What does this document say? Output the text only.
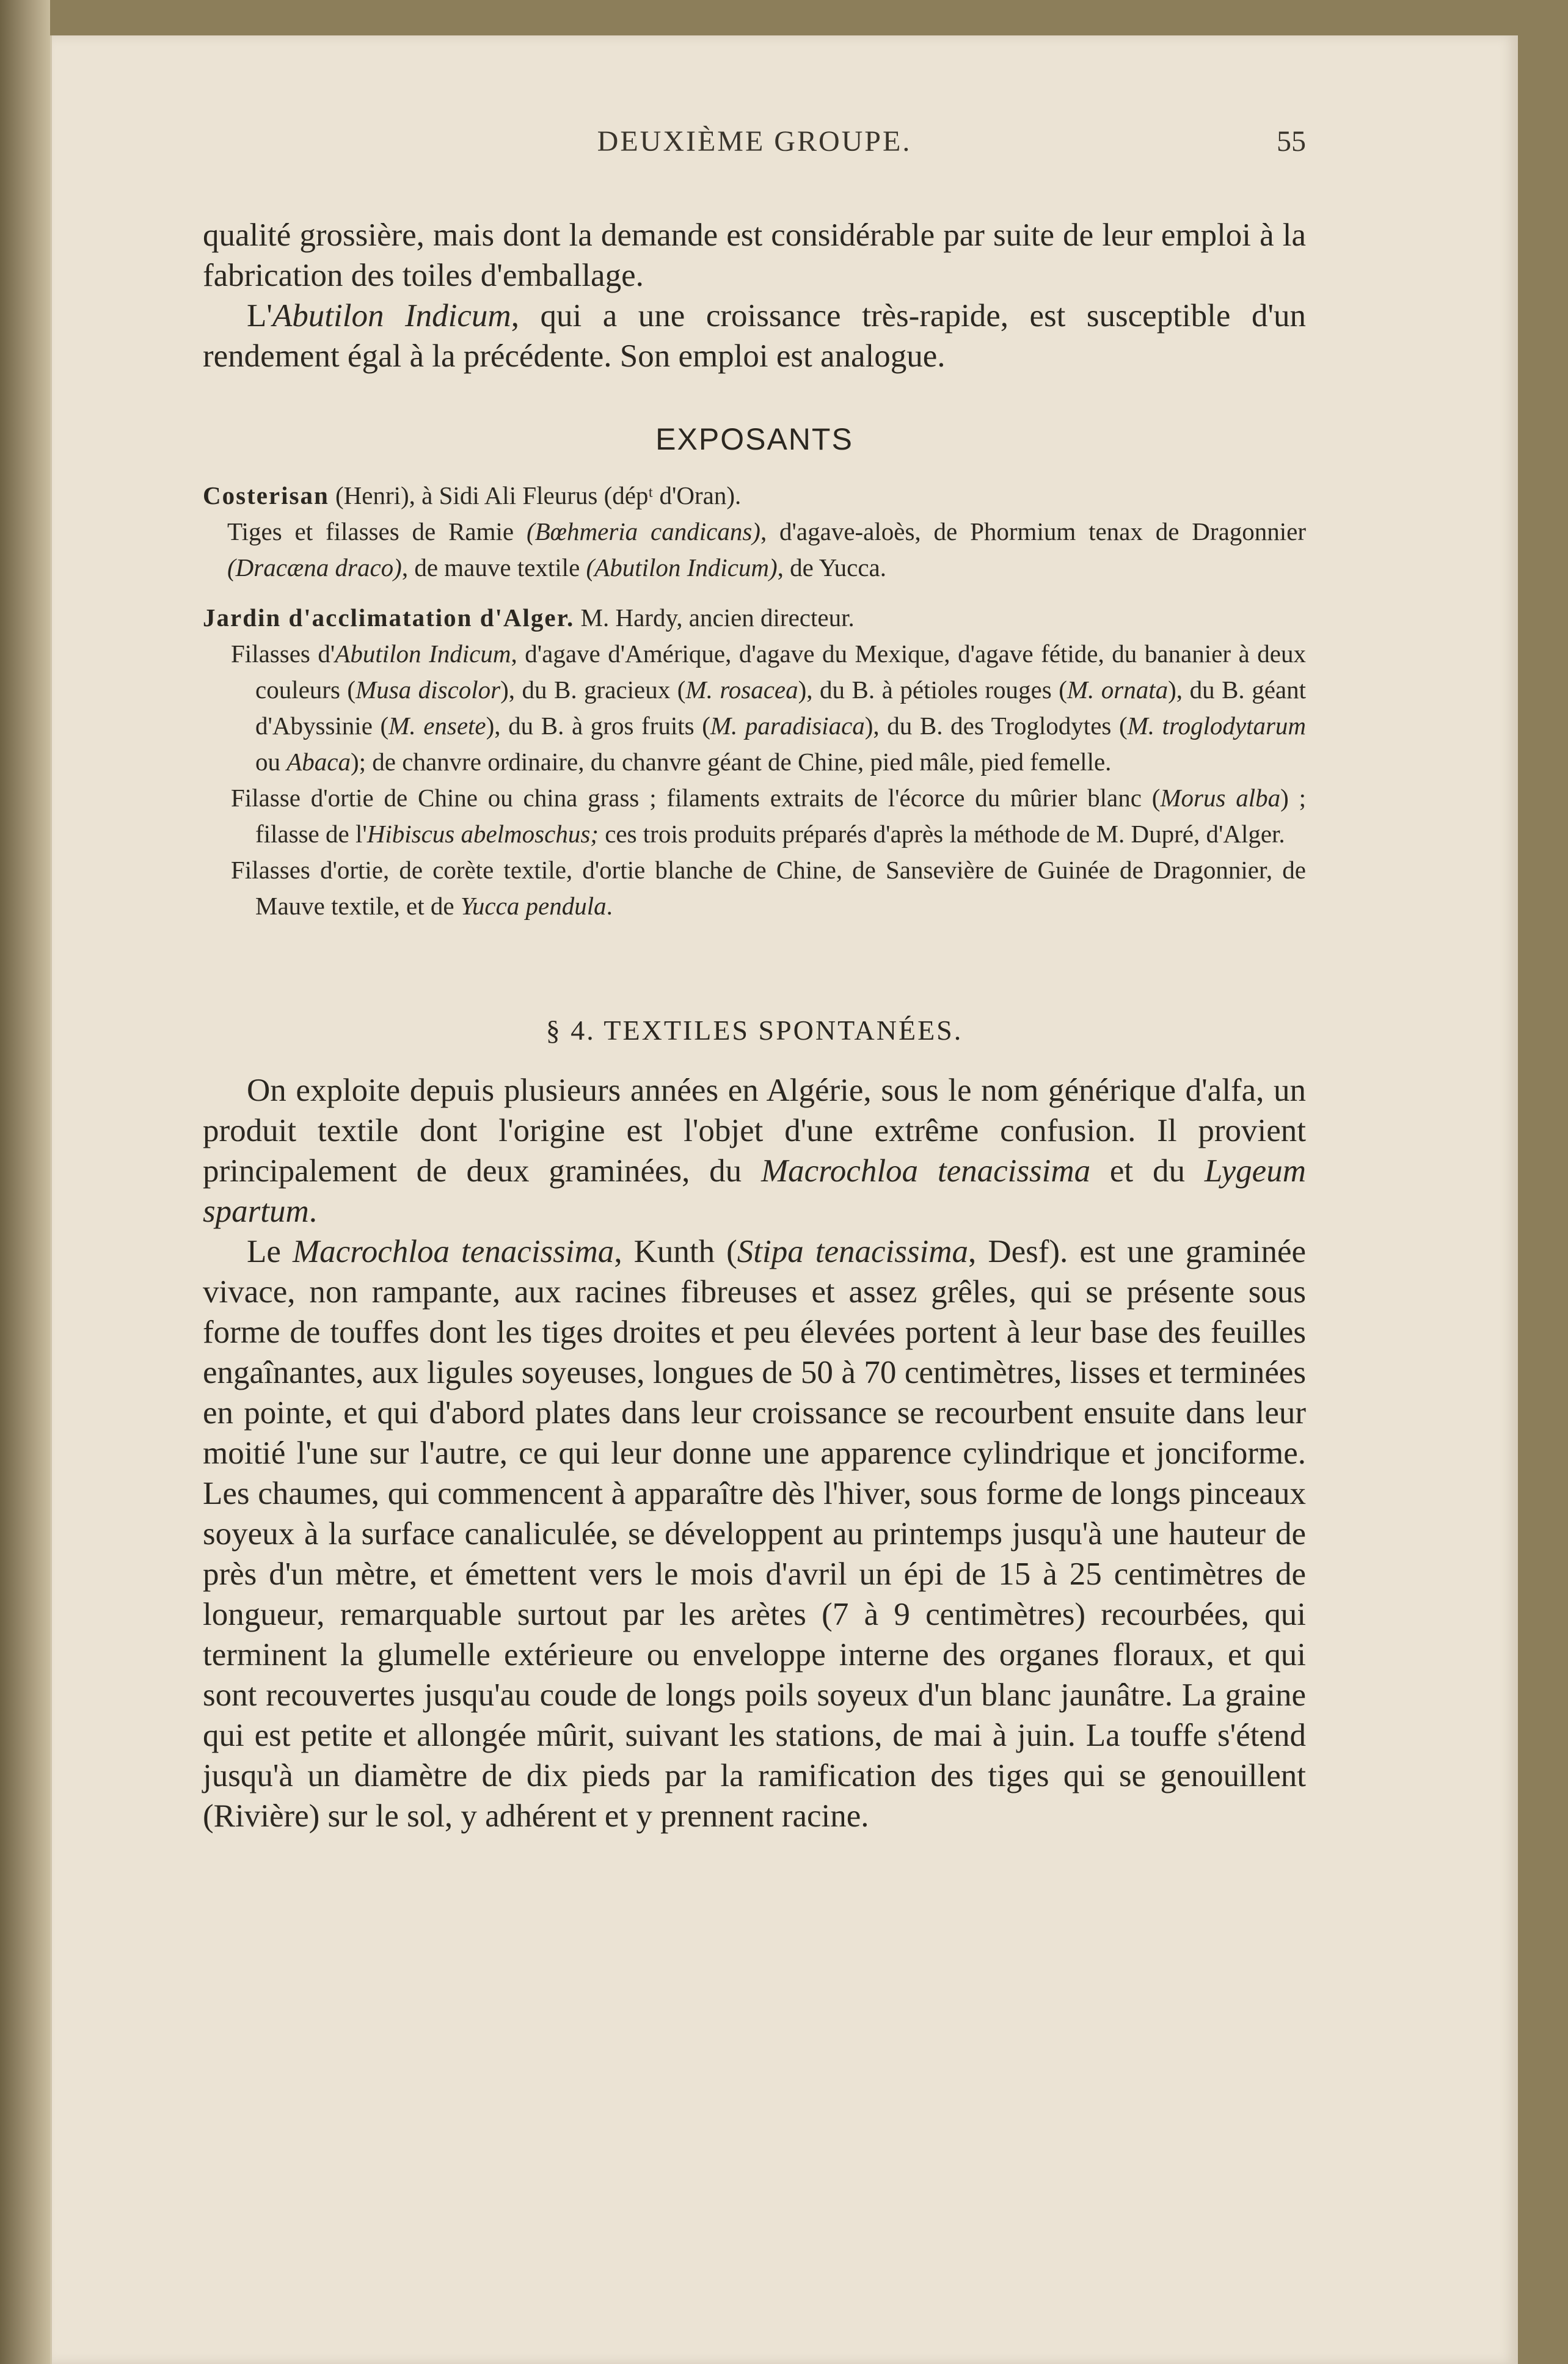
DEUXIÈME GROUPE.	55

qualité grossière, mais dont la demande est considérable par suite de leur emploi à la fabrication des toiles d'emballage.

L'Abutilon Indicum, qui a une croissance très-rapide, est susceptible d'un rendement égal à la précédente. Son emploi est analogue.

EXPOSANTS

Costerisan (Henri), à Sidi Ali Fleurus (dépᵗ d'Oran).

Tiges et filasses de Ramie (Bœhmeria candicans), d'agave-aloès, de Phormium tenax de Dragonnier (Dracæna draco), de mauve textile (Abutilon Indicum), de Yucca.

Jardin d'acclimatation d'Alger. M. Hardy, ancien directeur.

Filasses d'Abutilon Indicum, d'agave d'Amérique, d'agave du Mexique, d'agave fétide, du bananier à deux couleurs (Musa discolor), du B. gracieux (M. rosacea), du B. à pétioles rouges (M. ornata), du B. géant d'Abyssinie (M. ensete), du B. à gros fruits (M. paradisiaca), du B. des Troglodytes (M. troglodytarum ou Abaca); de chanvre ordinaire, du chanvre géant de Chine, pied mâle, pied femelle.

Filasse d'ortie de Chine ou china grass ; filaments extraits de l'écorce du mûrier blanc (Morus alba) ; filasse de l'Hibiscus abelmoschus; ces trois produits préparés d'après la méthode de M. Dupré, d'Alger.

Filasses d'ortie, de corète textile, d'ortie blanche de Chine, de Sansevière de Guinée de Dragonnier, de Mauve textile, et de Yucca pendula.

§ 4. TEXTILES SPONTANÉES.

On exploite depuis plusieurs années en Algérie, sous le nom générique d'alfa, un produit textile dont l'origine est l'objet d'une extrême confusion. Il provient principalement de deux graminées, du Macrochloa tenacissima et du Lygeum spartum.

Le Macrochloa tenacissima, Kunth (Stipa tenacissima, Desf). est une graminée vivace, non rampante, aux racines fibreuses et assez grêles, qui se présente sous forme de touffes dont les tiges droites et peu élevées portent à leur base des feuilles engaînantes, aux ligules soyeuses, longues de 50 à 70 centimètres, lisses et terminées en pointe, et qui d'abord plates dans leur croissance se recourbent ensuite dans leur moitié l'une sur l'autre, ce qui leur donne une apparence cylindrique et jonciforme. Les chaumes, qui commencent à apparaître dès l'hiver, sous forme de longs pinceaux soyeux à la surface canaliculée, se développent au printemps jusqu'à une hauteur de près d'un mètre, et émettent vers le mois d'avril un épi de 15 à 25 centimètres de longueur, remarquable surtout par les arètes (7 à 9 centimètres) recourbées, qui terminent la glumelle extérieure ou enveloppe interne des organes floraux, et qui sont recouvertes jusqu'au coude de longs poils soyeux d'un blanc jaunâtre. La graine qui est petite et allongée mûrit, suivant les stations, de mai à juin. La touffe s'étend jusqu'à un diamètre de dix pieds par la ramification des tiges qui se genouillent (Rivière) sur le sol, y adhérent et y prennent racine.
